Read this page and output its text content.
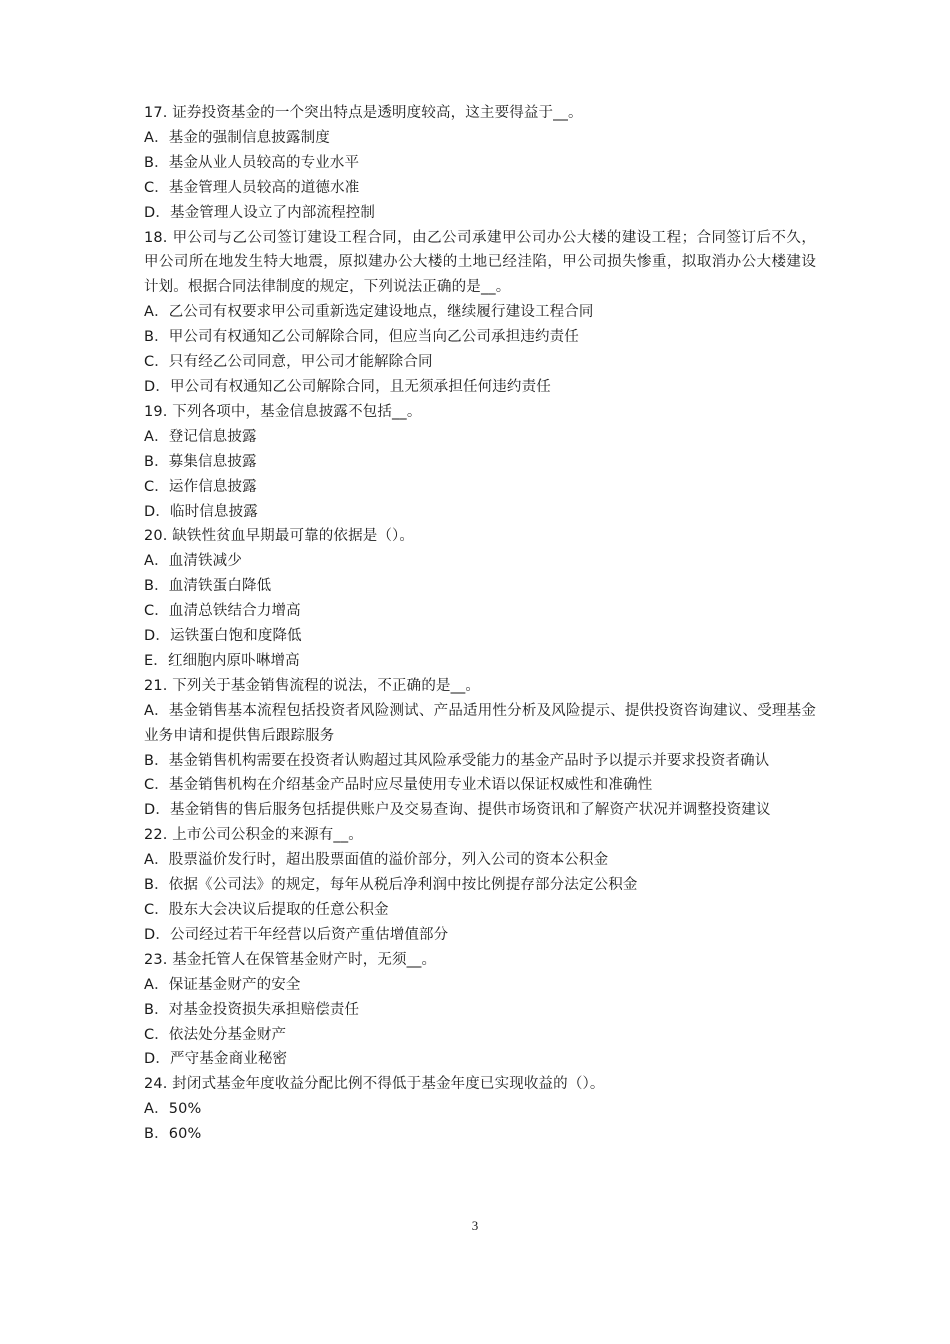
17. 证券投资基金的一个突出特点是透明度较高，这主要得益于__。
A．基金的强制信息披露制度
B．基金从业人员较高的专业水平
C．基金管理人员较高的道德水准
D．基金管理人设立了内部流程控制
18. 甲公司与乙公司签订建设工程合同，由乙公司承建甲公司办公大楼的建设工程；合同签订后不久，甲公司所在地发生特大地震，原拟建办公大楼的土地已经洼陷，甲公司损失惨重，拟取消办公大楼建设计划。根据合同法律制度的规定，下列说法正确的是__。
A．乙公司有权要求甲公司重新选定建设地点，继续履行建设工程合同
B．甲公司有权通知乙公司解除合同，但应当向乙公司承担违约责任
C．只有经乙公司同意，甲公司才能解除合同
D．甲公司有权通知乙公司解除合同，且无须承担任何违约责任
19. 下列各项中，基金信息披露不包括__。
A．登记信息披露
B．募集信息披露
C．运作信息披露
D．临时信息披露
20. 缺铁性贫血早期最可靠的依据是（）。
A．血清铁减少
B．血清铁蛋白降低
C．血清总铁结合力增高
D．运铁蛋白饱和度降低
E．红细胞内原卟啉增高
21. 下列关于基金销售流程的说法，不正确的是__。
A．基金销售基本流程包括投资者风险测试、产品适用性分析及风险提示、提供投资咨询建议、受理基金业务申请和提供售后跟踪服务
B．基金销售机构需要在投资者认购超过其风险承受能力的基金产品时予以提示并要求投资者确认
C．基金销售机构在介绍基金产品时应尽量使用专业术语以保证权威性和准确性
D．基金销售的售后服务包括提供账户及交易查询、提供市场资讯和了解资产状况并调整投资建议
22. 上市公司公积金的来源有__。
A．股票溢价发行时，超出股票面值的溢价部分，列入公司的资本公积金
B．依据《公司法》的规定，每年从税后净利润中按比例提存部分法定公积金
C．股东大会决议后提取的任意公积金
D．公司经过若干年经营以后资产重估增值部分
23. 基金托管人在保管基金财产时，无须__。
A．保证基金财产的安全
B．对基金投资损失承担赔偿责任
C．依法处分基金财产
D．严守基金商业秘密
24. 封闭式基金年度收益分配比例不得低于基金年度已实现收益的（）。
A．50%
B．60%
3
